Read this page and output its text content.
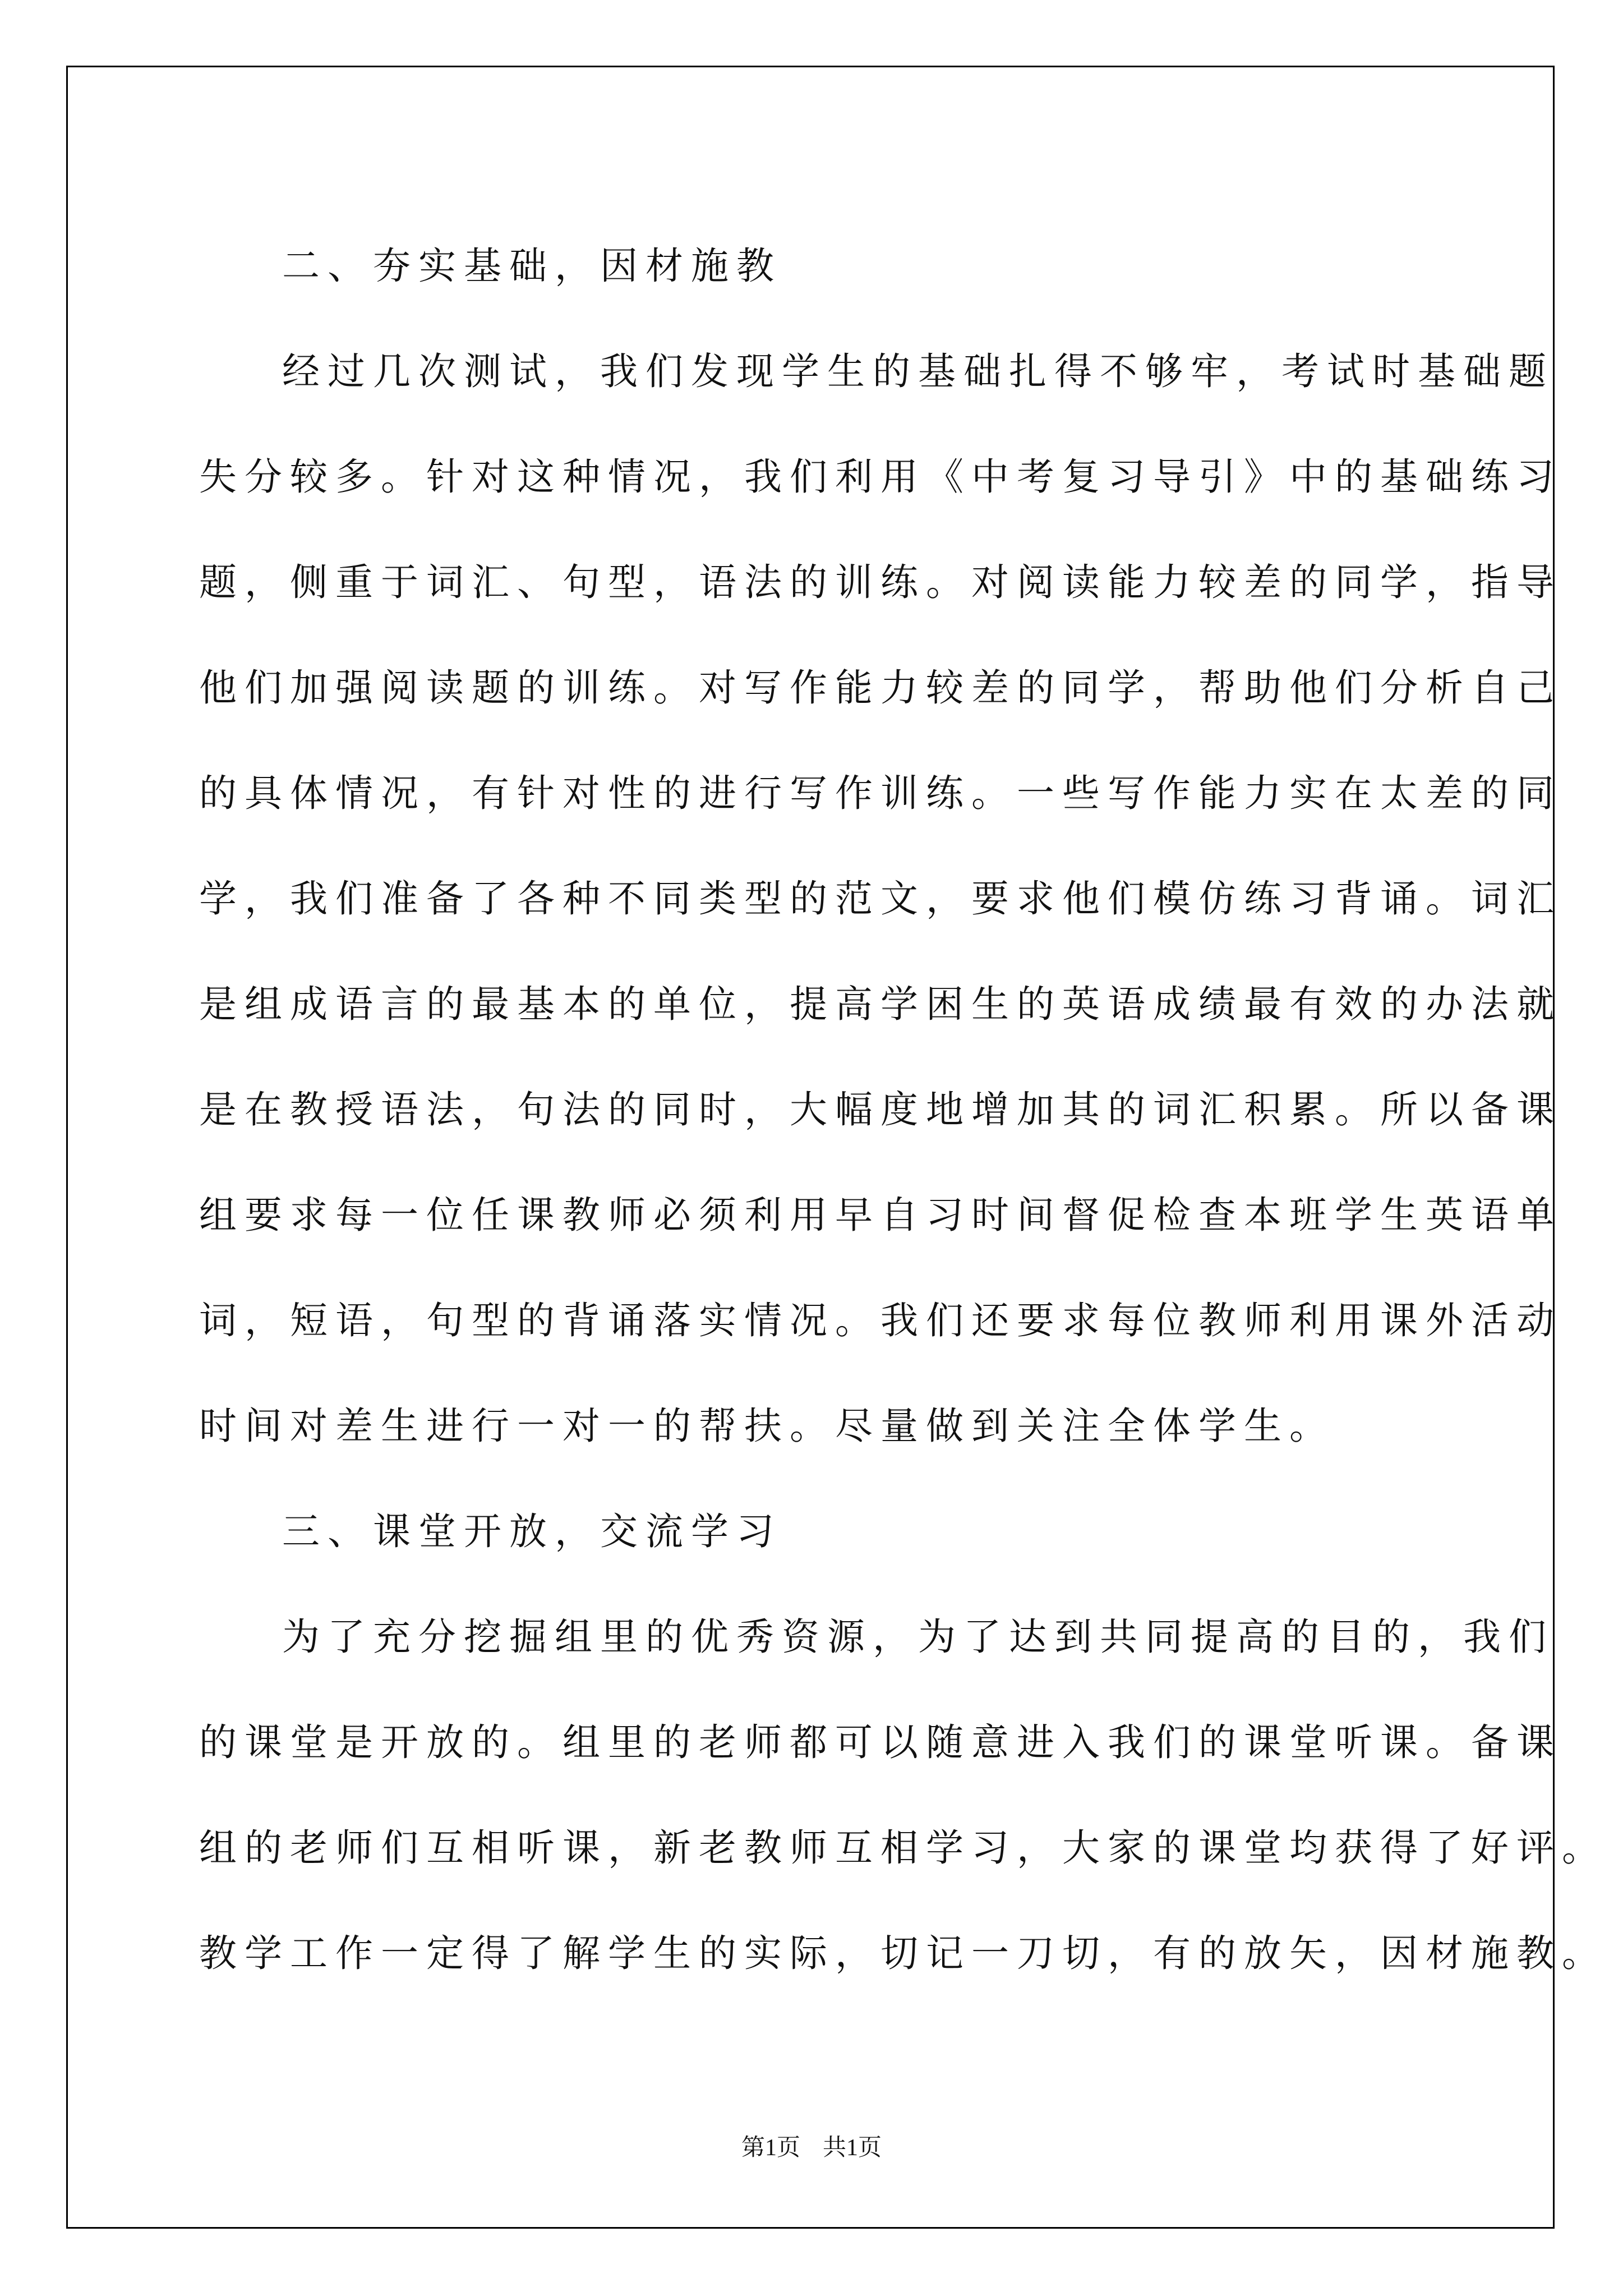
二、夯实基础，因材施教
经过几次测试，我们发现学生的基础扎得不够牢，考试时基础题
失分较多。针对这种情况，我们利用《中考复习导引》中的基础练习
题，侧重于词汇、句型，语法的训练。对阅读能力较差的同学，指导
他们加强阅读题的训练。对写作能力较差的同学，帮助他们分析自己
的具体情况，有针对性的进行写作训练。一些写作能力实在太差的同
学，我们准备了各种不同类型的范文，要求他们模仿练习背诵。词汇
是组成语言的最基本的单位，提高学困生的英语成绩最有效的办法就
是在教授语法，句法的同时，大幅度地增加其的词汇积累。所以备课
组要求每一位任课教师必须利用早自习时间督促检查本班学生英语单
词，短语，句型的背诵落实情况。我们还要求每位教师利用课外活动
时间对差生进行一对一的帮扶。尽量做到关注全体学生。
三、课堂开放，交流学习
为了充分挖掘组里的优秀资源，为了达到共同提高的目的，我们
的课堂是开放的。组里的老师都可以随意进入我们的课堂听课。备课
组的老师们互相听课，新老教师互相学习，大家的课堂均获得了好评。
教学工作一定得了解学生的实际，切记一刀切，有的放矢，因材施教。
第1页 共1页
